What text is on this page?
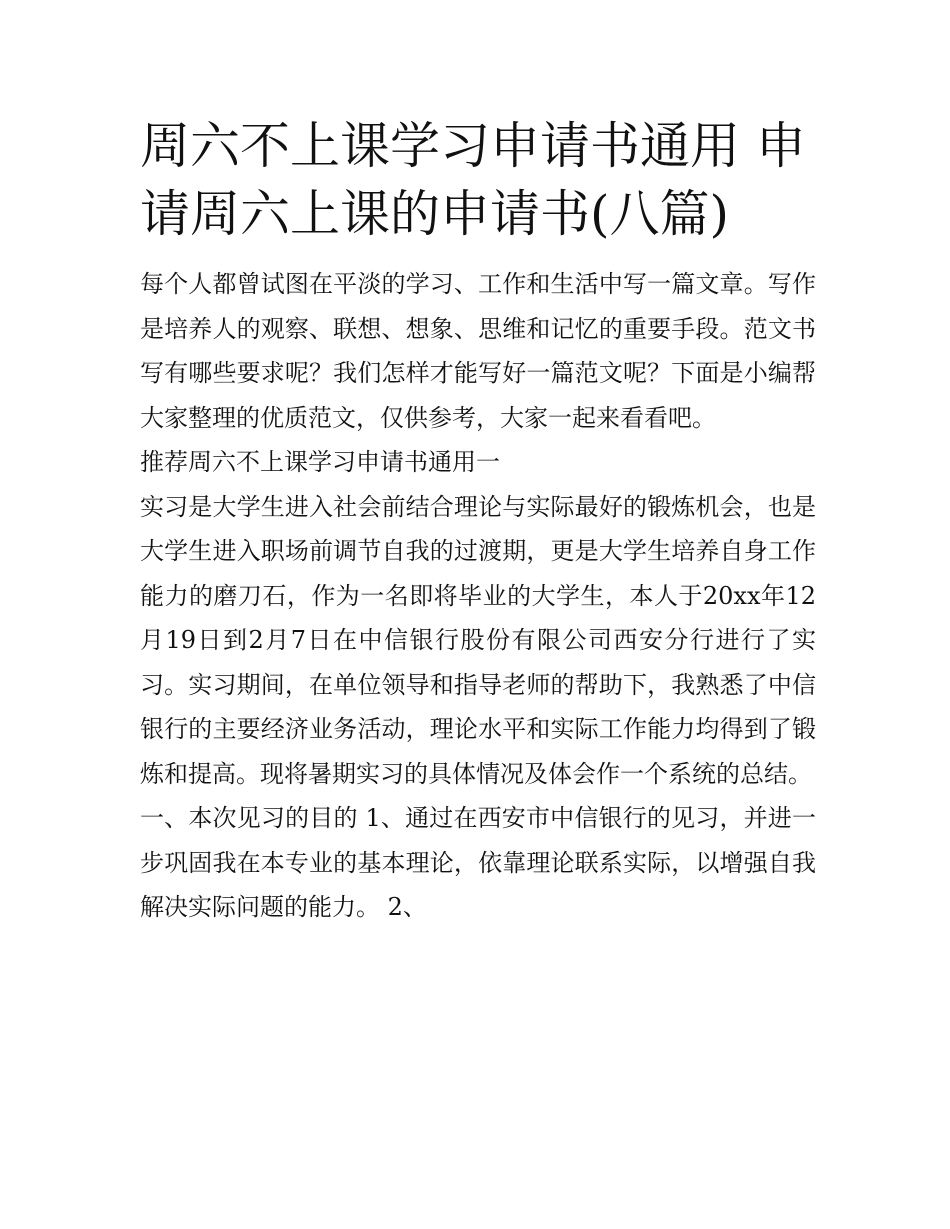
周六不上课学习申请书通用 申请周六上课的申请书(八篇)

每个人都曾试图在平淡的学习、工作和生活中写一篇文章。写作是培养人的观察、联想、想象、思维和记忆的重要手段。范文书写有哪些要求呢？我们怎样才能写好一篇范文呢？下面是小编帮大家整理的优质范文，仅供参考，大家一起来看看吧。

推荐周六不上课学习申请书通用一

实习是大学生进入社会前结合理论与实际最好的锻炼机会，也是大学生进入职场前调节自我的过渡期，更是大学生培养自身工作能力的磨刀石，作为一名即将毕业的大学生，本人于20xx年12月19日到2月7日在中信银行股份有限公司西安分行进行了实习。实习期间，在单位领导和指导老师的帮助下，我熟悉了中信银行的主要经济业务活动，理论水平和实际工作能力均得到了锻炼和提高。现将暑期实习的具体情况及体会作一个系统的总结。

一、本次见习的目的 1、通过在西安市中信银行的见习，并进一步巩固我在本专业的基本理论，依靠理论联系实际，以增强自我解决实际问题的能力。 2、
